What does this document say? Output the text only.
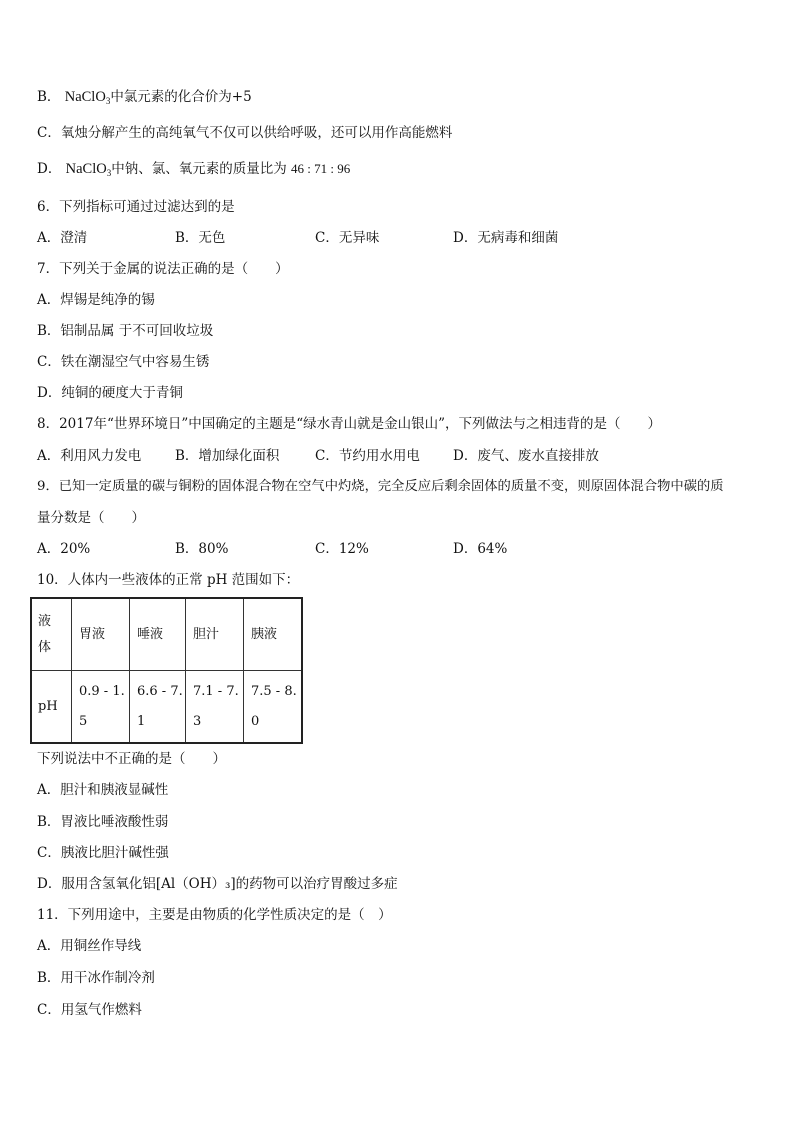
B． NaClO$_3$中氯元素的化合价为+5
C．氧烛分解产生的高纯氧气不仅可以供给呼吸，还可以用作高能燃料
D． NaClO$_3$中钠、氯、氧元素的质量比为 46 : 71 : 96
6．下列指标可通过过滤达到的是
A．澄清	B．无色	C．无异味	D．无病毒和细菌
7．下列关于金属的说法正确的是（　　）
A．焊锡是纯净的锡
B．铝制品属 于不可回收垃圾
C．铁在潮湿空气中容易生锈
D．纯铜的硬度大于青铜
8．2017年“世界环境日”中国确定的主题是“绿水青山就是金山银山”，下列做法与之相违背的是（　　）
A．利用风力发电	B．增加绿化面积	C．节约用水用电 D．废气、废水直接排放
9．已知一定质量的碳与铜粉的固体混合物在空气中灼烧，完全反应后剩余固体的质量不变，则原固体混合物中碳的质
量分数是（　　）
A．20%	B．80%	C．12%	D．64%
10．人体内一些液体的正常 pH 范围如下：
液体	胃液	唾液	胆汁	胰液
pH	0.9 - 1.5	6.6 - 7.1	7.1 - 7.3	7.5 - 8.0
下列说法中不正确的是（　　）
A．胆汁和胰液显碱性
B．胃液比唾液酸性弱
C．胰液比胆汁碱性强
D．服用含氢氧化铝[Al（OH）₃]的药物可以治疗胃酸过多症
11．下列用途中，主要是由物质的化学性质决定的是（　）
A．用铜丝作导线
B．用干冰作制冷剂
C．用氢气作燃料
